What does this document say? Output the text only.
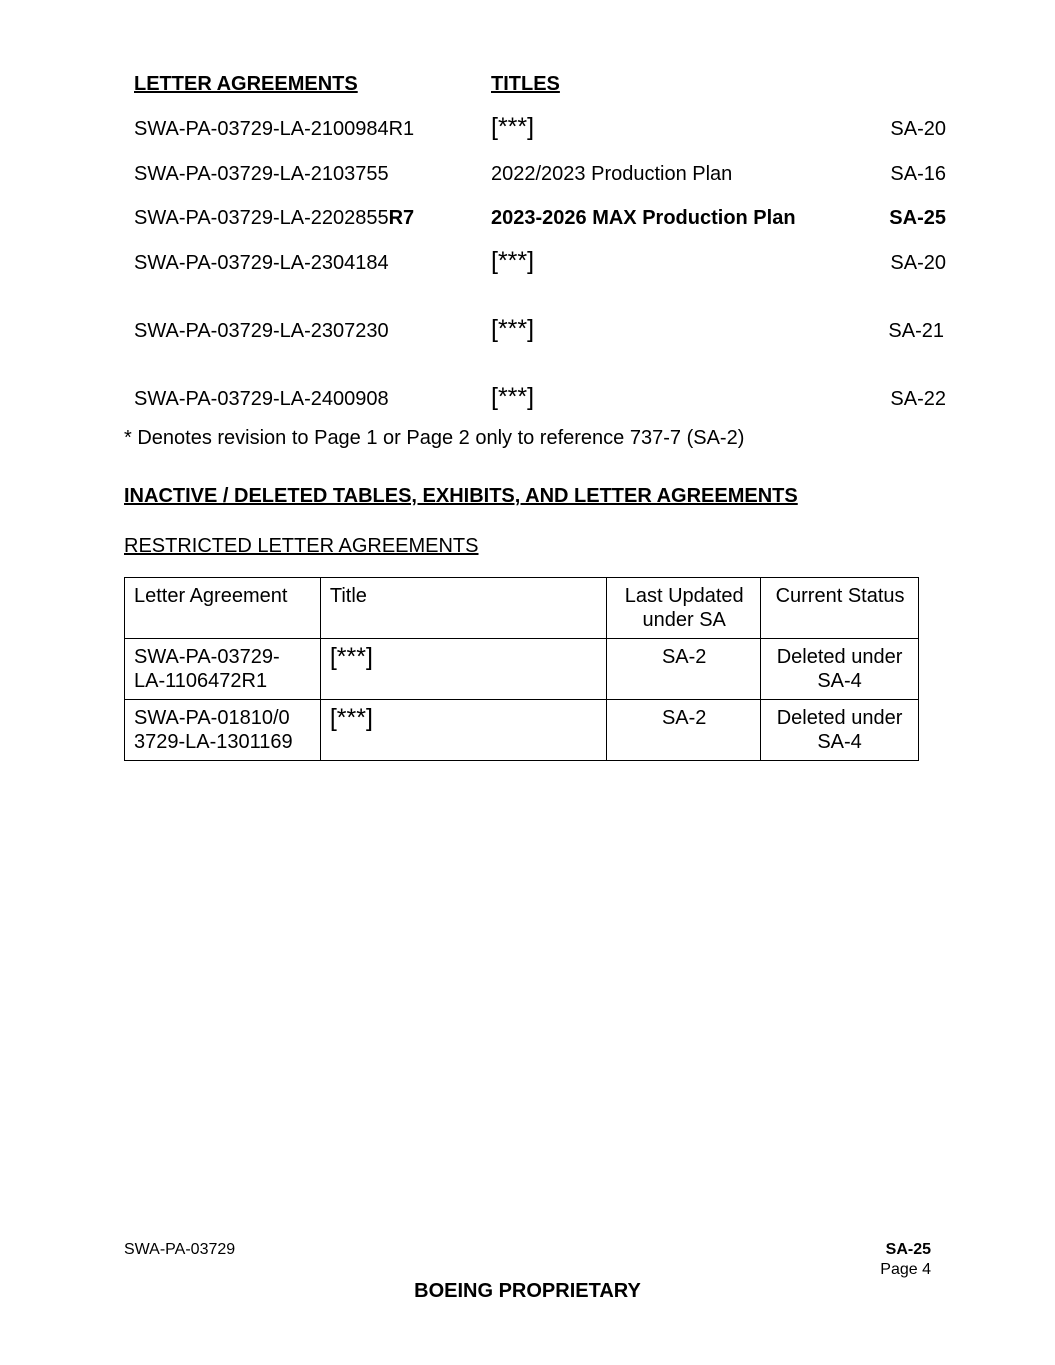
LETTER AGREEMENTS	TITLES
SWA-PA-03729-LA-2100984R1	[***]	SA-20
SWA-PA-03729-LA-2103755	2022/2023 Production Plan	SA-16
SWA-PA-03729-LA-2202855R7	2023-2026 MAX Production Plan	SA-25
SWA-PA-03729-LA-2304184	[***]	SA-20
SWA-PA-03729-LA-2307230	[***]	SA-21
SWA-PA-03729-LA-2400908	[***]	SA-22
* Denotes revision to Page 1 or Page 2 only to reference 737-7 (SA-2)
INACTIVE / DELETED TABLES, EXHIBITS, AND LETTER AGREEMENTS
RESTRICTED LETTER AGREEMENTS
Letter Agreement	Title	Last Updated under SA	Current Status
SWA-PA-03729-LA-1106472R1	[***]	SA-2	Deleted under SA-4
SWA-PA-01810/03729-LA-1301169	[***]	SA-2	Deleted under SA-4
SWA-PA-03729	SA-25
Page 4
BOEING PROPRIETARY
